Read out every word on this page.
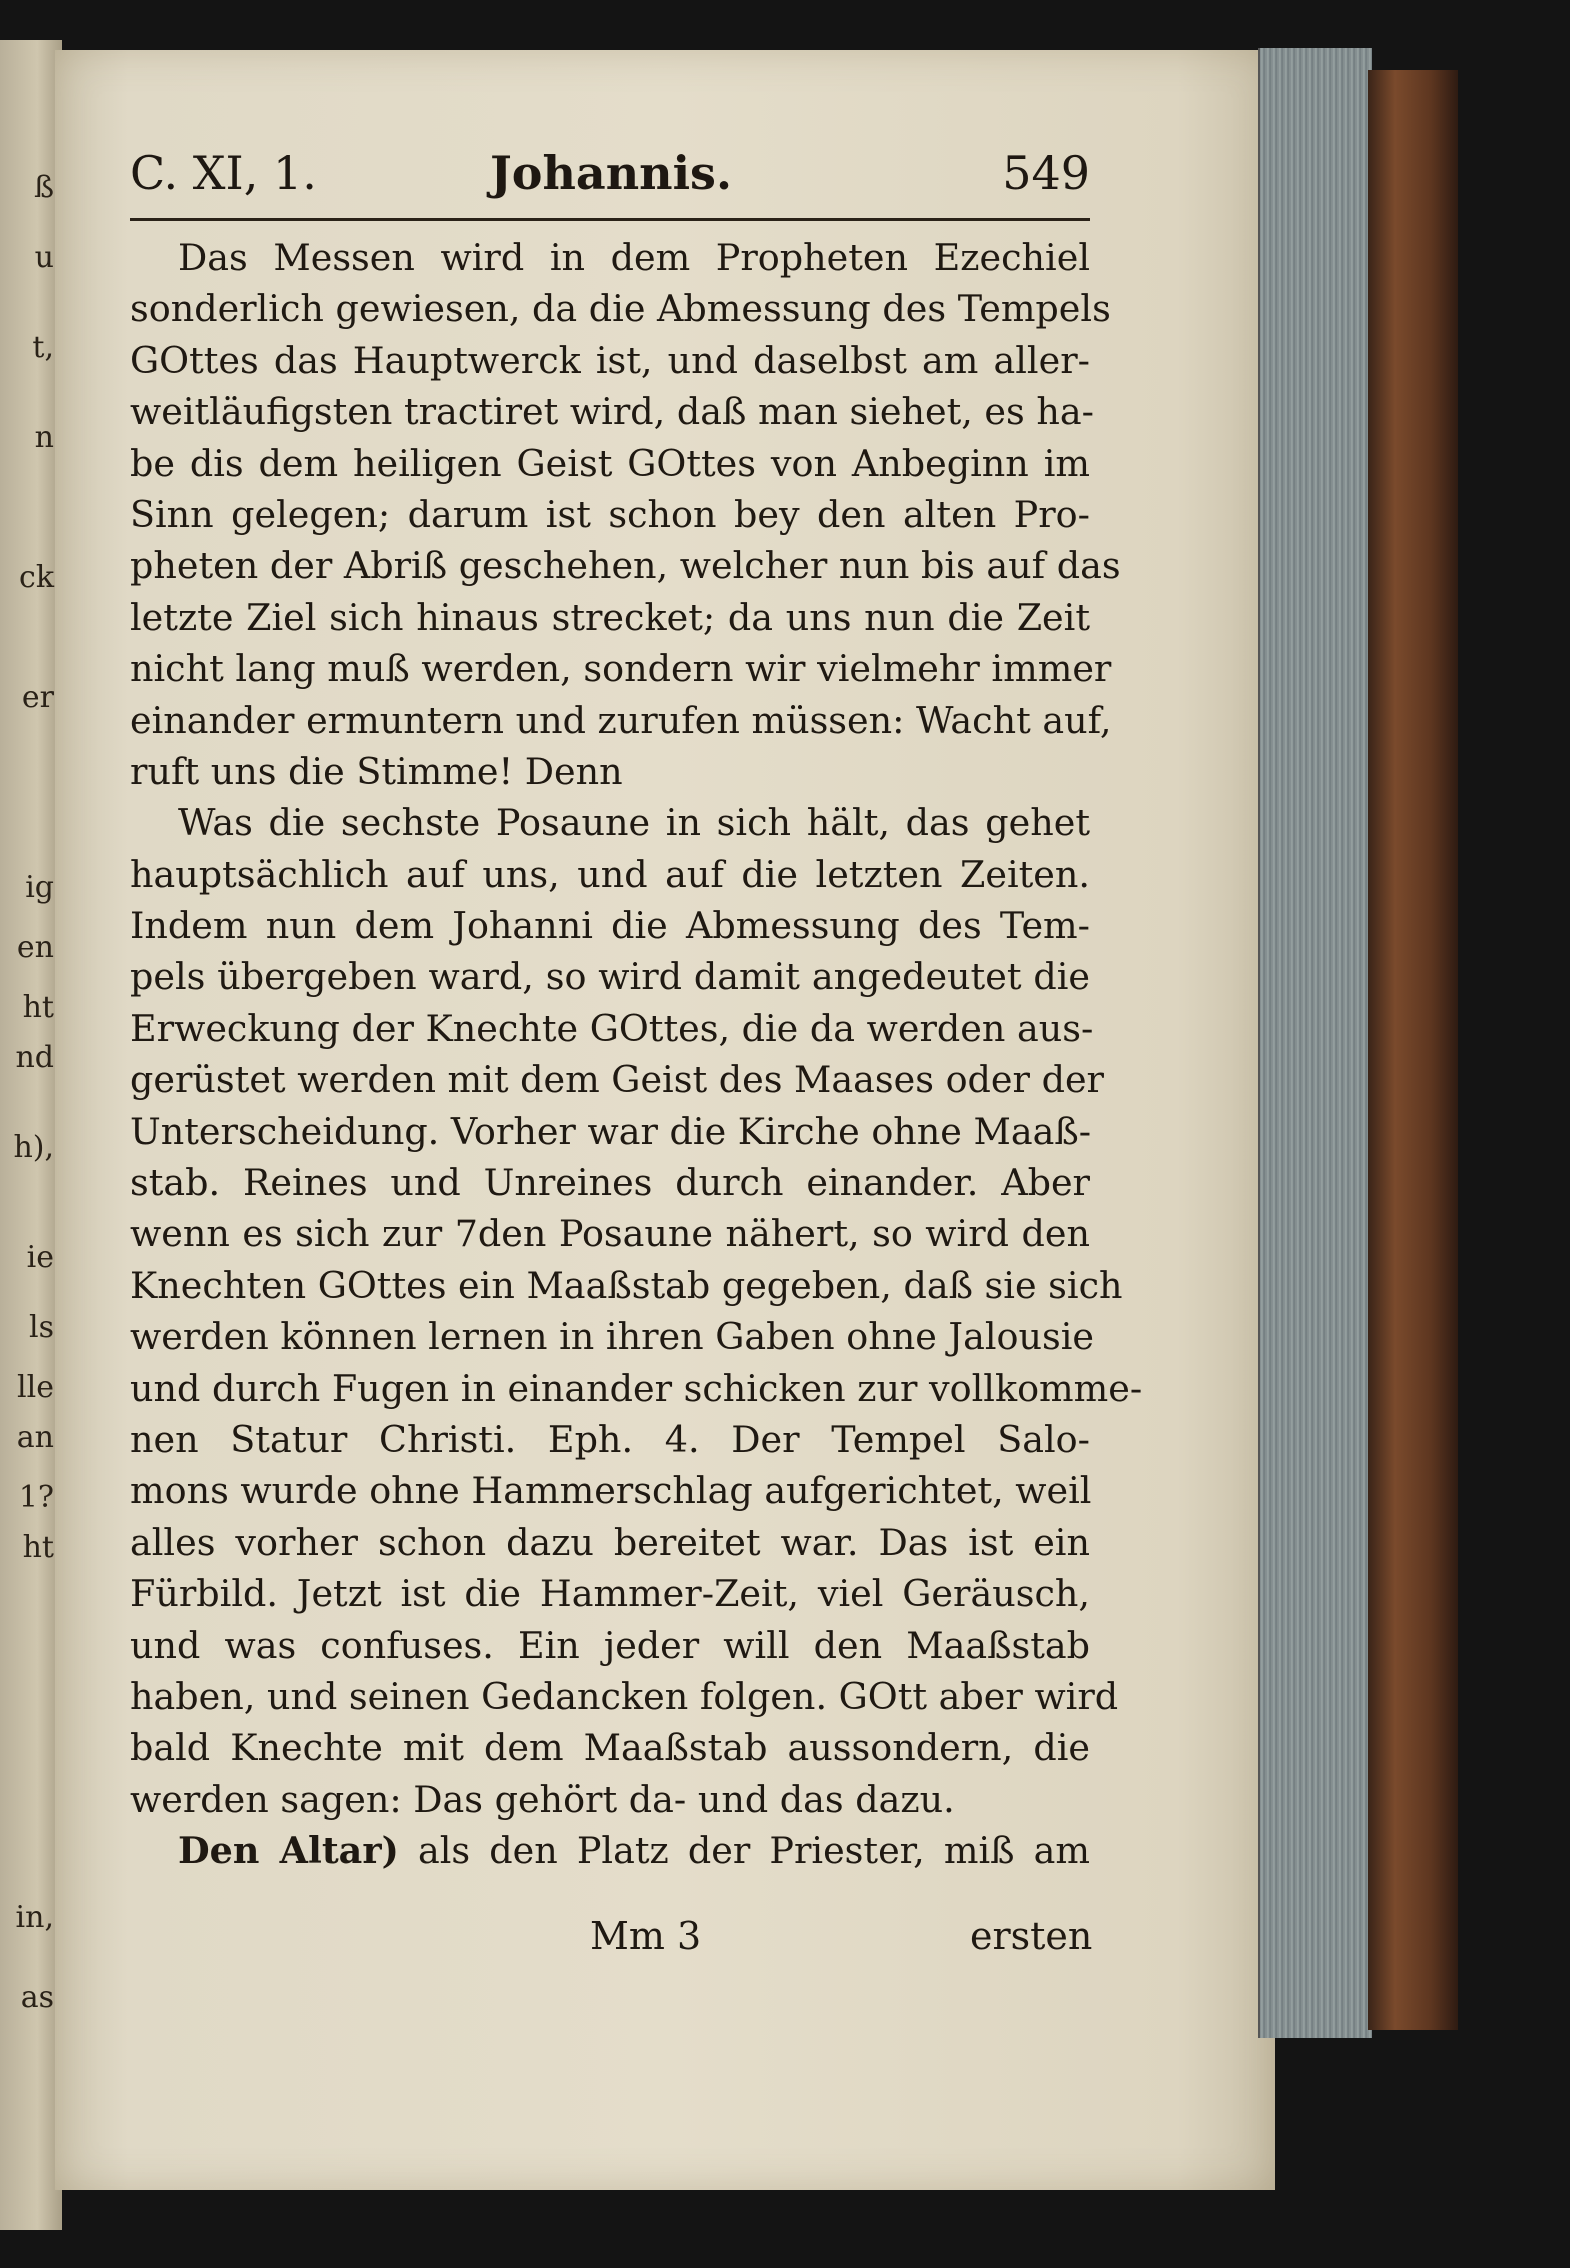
ß
u
t,
n
ck
er
ig
en
ht
nd
h),
ie
ls
lle
an
1?
ht
in,
as
C. XI, 1.	Johannis.	549
Das Messen wird in dem Propheten Ezechiel
sonderlich gewiesen, da die Abmessung des Tempels
GOttes das Hauptwerck ist, und daselbst am aller-
weitläufigsten tractiret wird, daß man siehet, es ha-
be dis dem heiligen Geist GOttes von Anbeginn im
Sinn gelegen; darum ist schon bey den alten Pro-
pheten der Abriß geschehen, welcher nun bis auf das
letzte Ziel sich hinaus strecket; da uns nun die Zeit
nicht lang muß werden, sondern wir vielmehr immer
einander ermuntern und zurufen müssen: Wacht auf,
ruft uns die Stimme! Denn
Was die sechste Posaune in sich hält, das gehet
hauptsächlich auf uns, und auf die letzten Zeiten.
Indem nun dem Johanni die Abmessung des Tem-
pels übergeben ward, so wird damit angedeutet die
Erweckung der Knechte GOttes, die da werden aus-
gerüstet werden mit dem Geist des Maases oder der
Unterscheidung. Vorher war die Kirche ohne Maaß-
stab. Reines und Unreines durch einander. Aber
wenn es sich zur 7den Posaune nähert, so wird den
Knechten GOttes ein Maaßstab gegeben, daß sie sich
werden können lernen in ihren Gaben ohne Jalousie
und durch Fugen in einander schicken zur vollkomme-
nen Statur Christi. Eph. 4. Der Tempel Salo-
mons wurde ohne Hammerschlag aufgerichtet, weil
alles vorher schon dazu bereitet war. Das ist ein
Fürbild. Jetzt ist die Hammer-Zeit, viel Geräusch,
und was confuses. Ein jeder will den Maaßstab
haben, und seinen Gedancken folgen. GOtt aber wird
bald Knechte mit dem Maaßstab aussondern, die
werden sagen: Das gehört da- und das dazu.
Den Altar) als den Platz der Priester, miß am
Mm 3	ersten
